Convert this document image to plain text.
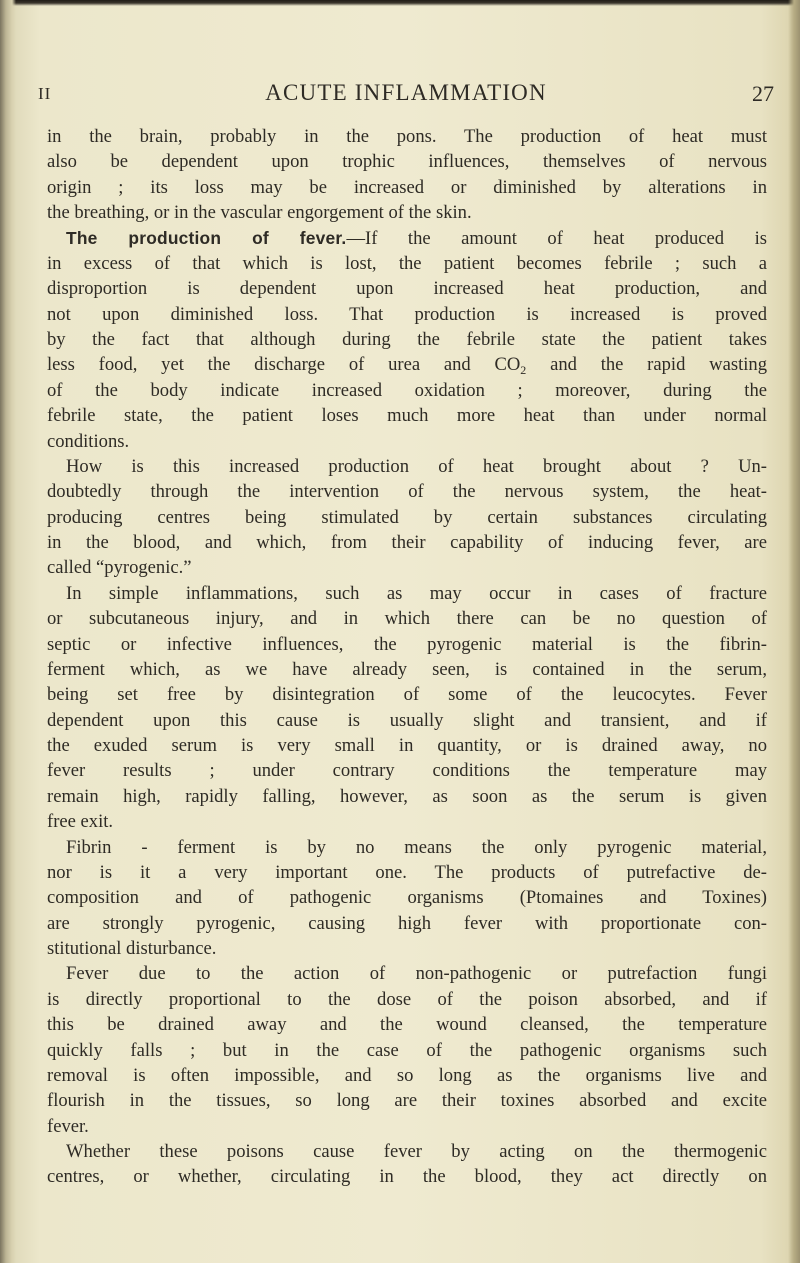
II	ACUTE INFLAMMATION	27
in the brain, probably in the pons. The production of heat must
also be dependent upon trophic influences, themselves of nervous
origin ; its loss may be increased or diminished by alterations in
the breathing, or in the vascular engorgement of the skin.
The production of fever.—If the amount of heat produced is
in excess of that which is lost, the patient becomes febrile ; such a
disproportion is dependent upon increased heat production, and
not upon diminished loss. That production is increased is proved
by the fact that although during the febrile state the patient takes
less food, yet the discharge of urea and $CO_2$ and the rapid wasting
of the body indicate increased oxidation ; moreover, during the
febrile state, the patient loses much more heat than under normal
conditions.
How is this increased production of heat brought about ? Un-
doubtedly through the intervention of the nervous system, the heat-
producing centres being stimulated by certain substances circulating
in the blood, and which, from their capability of inducing fever, are
called “pyrogenic.”
In simple inflammations, such as may occur in cases of fracture
or subcutaneous injury, and in which there can be no question of
septic or infective influences, the pyrogenic material is the fibrin-
ferment which, as we have already seen, is contained in the serum,
being set free by disintegration of some of the leucocytes. Fever
dependent upon this cause is usually slight and transient, and if
the exuded serum is very small in quantity, or is drained away, no
fever results ; under contrary conditions the temperature may
remain high, rapidly falling, however, as soon as the serum is given
free exit.
Fibrin - ferment is by no means the only pyrogenic material,
nor is it a very important one. The products of putrefactive de-
composition and of pathogenic organisms (Ptomaines and Toxines)
are strongly pyrogenic, causing high fever with proportionate con-
stitutional disturbance.
Fever due to the action of non-pathogenic or putrefaction fungi
is directly proportional to the dose of the poison absorbed, and if
this be drained away and the wound cleansed, the temperature
quickly falls ; but in the case of the pathogenic organisms such
removal is often impossible, and so long as the organisms live and
flourish in the tissues, so long are their toxines absorbed and excite
fever.
Whether these poisons cause fever by acting on the thermogenic
centres, or whether, circulating in the blood, they act directly on
